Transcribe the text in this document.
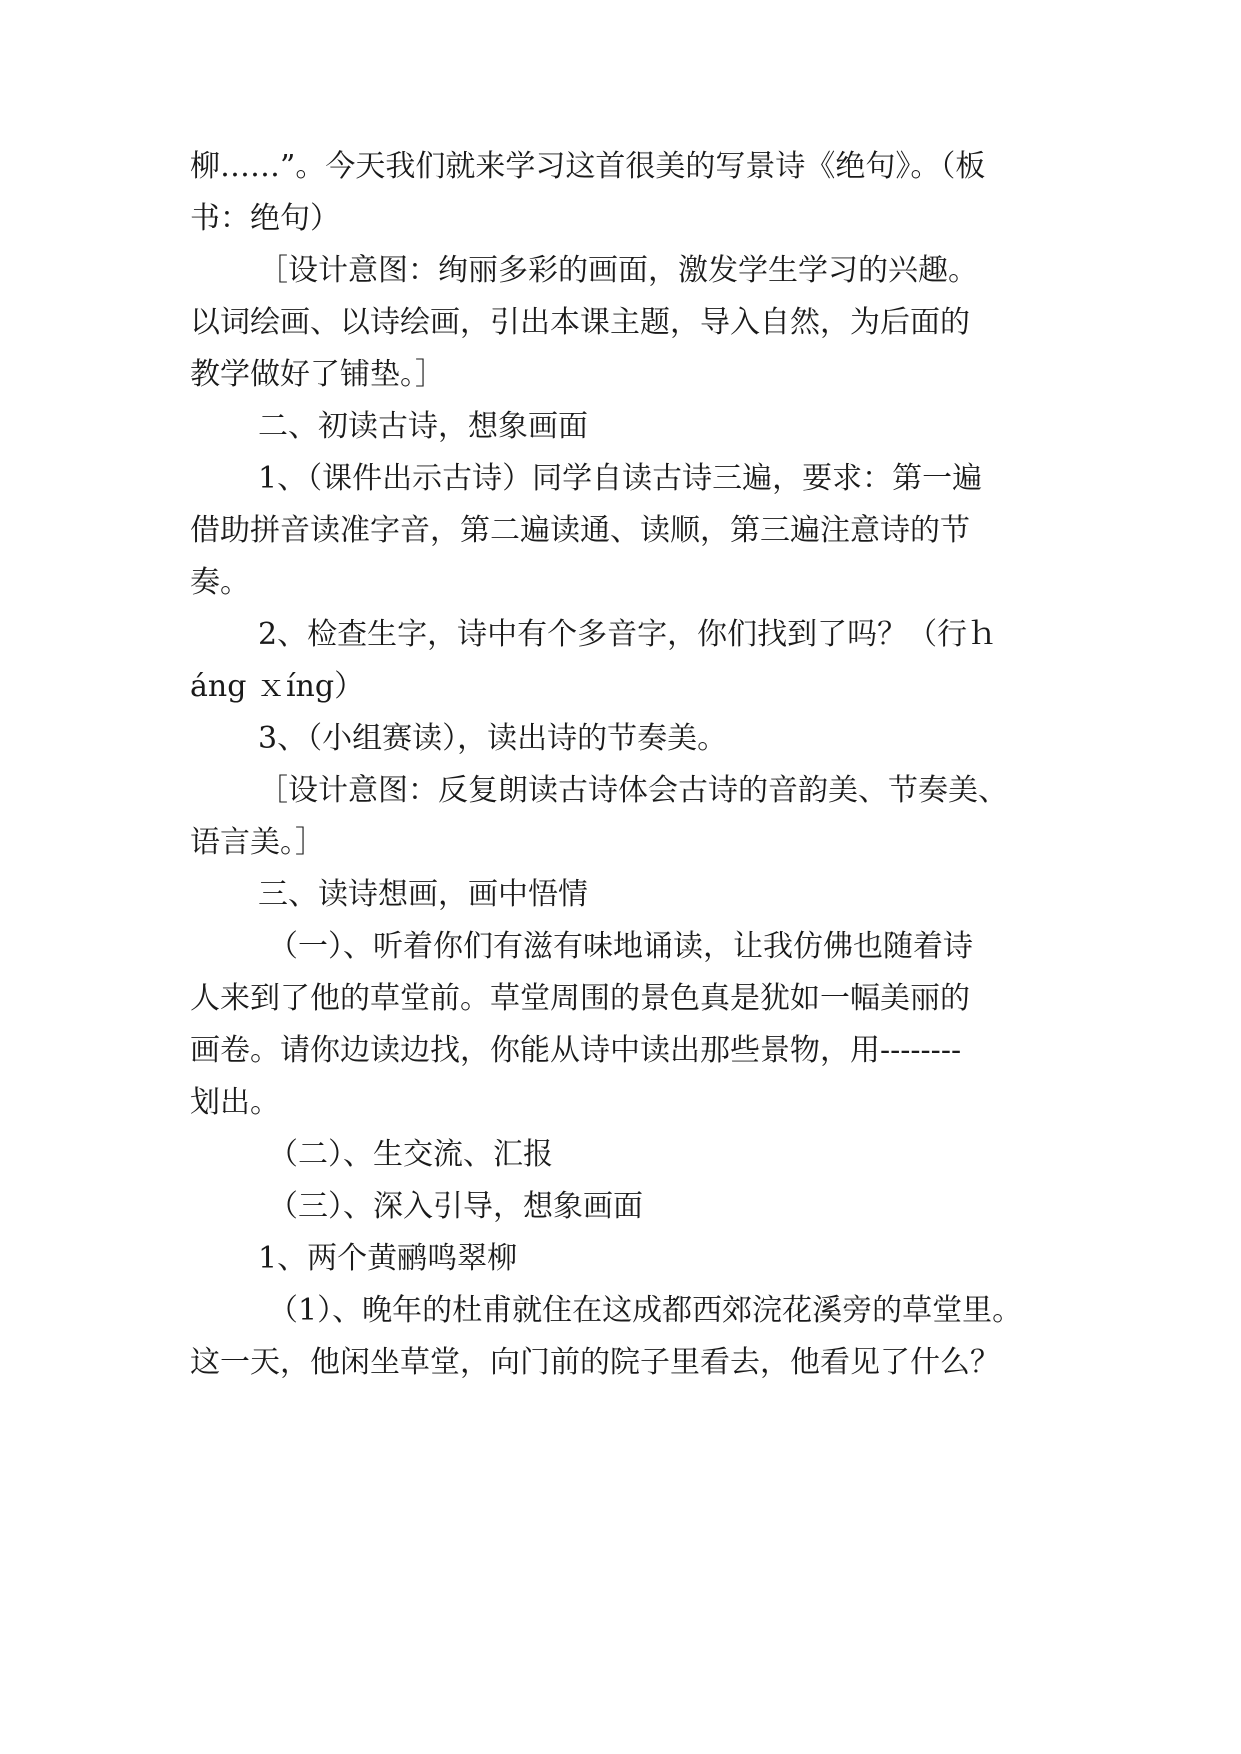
柳……”。今天我们就来学习这首很美的写景诗《绝句》。（板
书：绝句）
［设计意图：绚丽多彩的画面，激发学生学习的兴趣。
以词绘画、以诗绘画，引出本课主题，导入自然，为后面的
教学做好了铺垫。］
二、初读古诗，想象画面
1、（课件出示古诗）同学自读古诗三遍，要求：第一遍
借助拼音读准字音，第二遍读通、读顺，第三遍注意诗的节
奏。
2、检查生字，诗中有个多音字，你们找到了吗？（行ｈ
áng ｘíng）
3、（小组赛读），读出诗的节奏美。
［设计意图：反复朗读古诗体会古诗的音韵美、节奏美、
语言美。］
三、读诗想画，画中悟情
（一）、听着你们有滋有味地诵读，让我仿佛也随着诗
人来到了他的草堂前。草堂周围的景色真是犹如一幅美丽的
画卷。请你边读边找，你能从诗中读出那些景物，用--------
划出。
（二）、生交流、汇报
（三）、深入引导，想象画面
1、两个黄鹂鸣翠柳
（1）、晚年的杜甫就住在这成都西郊浣花溪旁的草堂里。
这一天，他闲坐草堂，向门前的院子里看去，他看见了什么？
